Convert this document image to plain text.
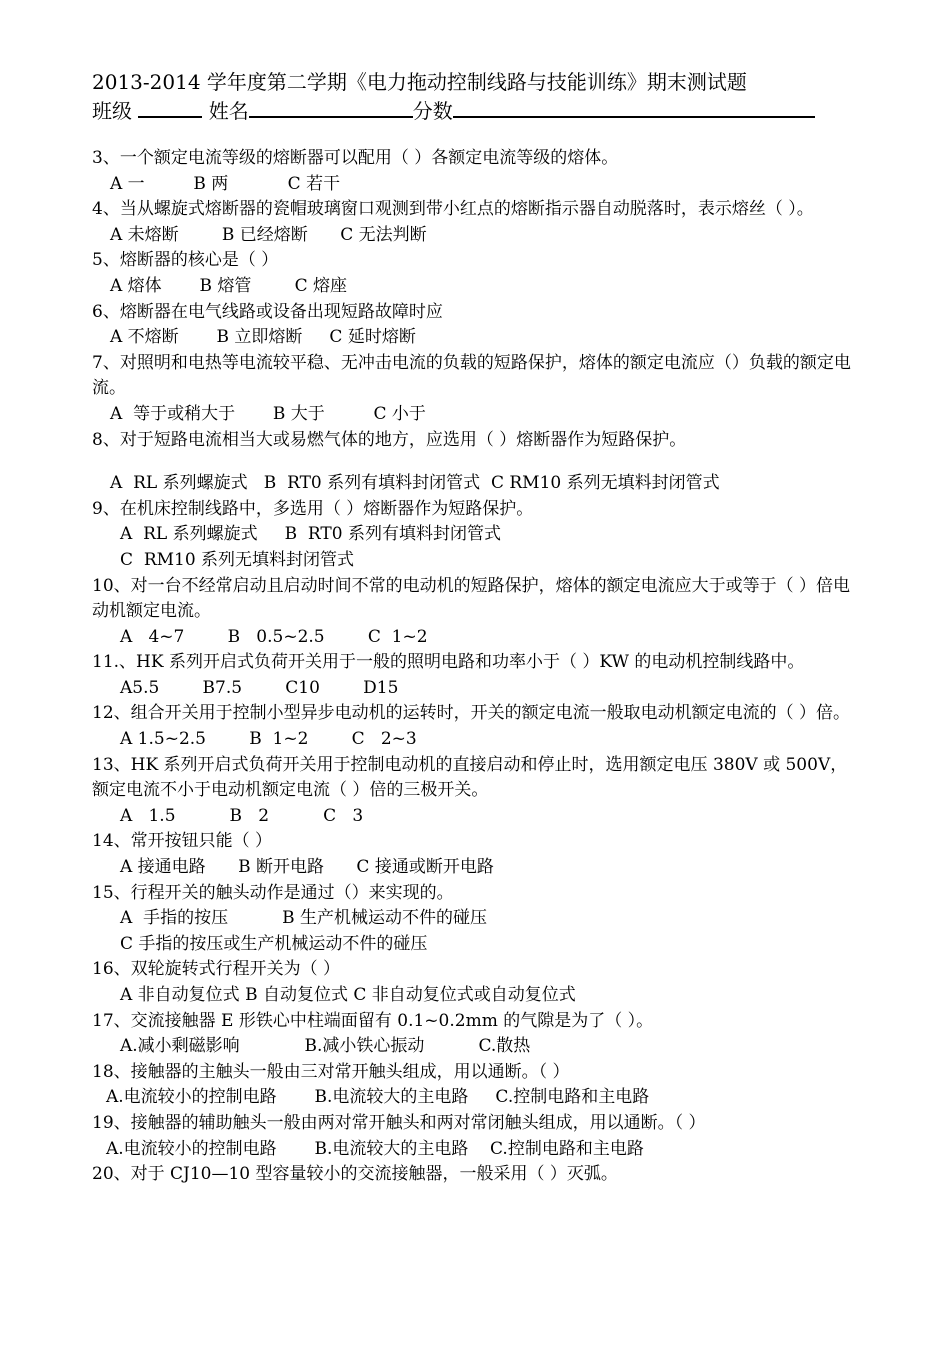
2013-2014 学年度第二学期《电力拖动控制线路与技能训练》期末测试题
班级	姓名	分数
3、一个额定电流等级的熔断器可以配用（ ）各额定电流等级的熔体。
A 一         B 两           C 若干
4、当从螺旋式熔断器的瓷帽玻璃窗口观测到带小红点的熔断指示器自动脱落时，表示熔丝（ ）。
A 未熔断        B 已经熔断      C 无法判断
5、熔断器的核心是（ ）
A 熔体       B 熔管        C 熔座
6、熔断器在电气线路或设备出现短路故障时应
A 不熔断       B 立即熔断     C 延时熔断
7、对照明和电热等电流较平稳、无冲击电流的负载的短路保护，熔体的额定电流应（）负载的额定电流。
A  等于或稍大于       B 大于         C 小于
8、对于短路电流相当大或易燃气体的地方，应选用（ ）熔断器作为短路保护。
A  RL 系列螺旋式   B  RT0 系列有填料封闭管式  C RM10 系列无填料封闭管式
9、在机床控制线路中，多选用（ ）熔断器作为短路保护。
A  RL 系列螺旋式     B  RT0 系列有填料封闭管式
C  RM10 系列无填料封闭管式
10、对一台不经常启动且启动时间不常的电动机的短路保护，熔体的额定电流应大于或等于（ ）倍电动机额定电流。
A   4~7        B   0.5~2.5        C  1~2
11.、HK 系列开启式负荷开关用于一般的照明电路和功率小于（ ）KW 的电动机控制线路中。
A5.5        B7.5        C10        D15
12、组合开关用于控制小型异步电动机的运转时，开关的额定电流一般取电动机额定电流的（ ）倍。
A 1.5~2.5        B  1~2        C   2~3
13、HK 系列开启式负荷开关用于控制电动机的直接启动和停止时，选用额定电压 380V 或 500V，额定电流不小于电动机额定电流（ ）倍的三极开关。
A   1.5          B   2          C   3
14、常开按钮只能（ ）
A 接通电路      B 断开电路      C 接通或断开电路
15、行程开关的触头动作是通过（）来实现的。
A  手指的按压          B 生产机械运动不件的碰压
C 手指的按压或生产机械运动不件的碰压
16、双轮旋转式行程开关为（ ）
A 非自动复位式 B 自动复位式 C 非自动复位式或自动复位式
17、交流接触器 E 形铁心中柱端面留有 0.1~0.2mm 的气隙是为了（ ）。
A.减小剩磁影响            B.减小铁心振动          C.散热
18、接触器的主触头一般由三对常开触头组成，用以通断。（ ）
A.电流较小的控制电路       B.电流较大的主电路     C.控制电路和主电路
19、接触器的辅助触头一般由两对常开触头和两对常闭触头组成，用以通断。（ ）
A.电流较小的控制电路       B.电流较大的主电路    C.控制电路和主电路
20、对于 CJ10—10 型容量较小的交流接触器，一般采用（ ）灭弧。
